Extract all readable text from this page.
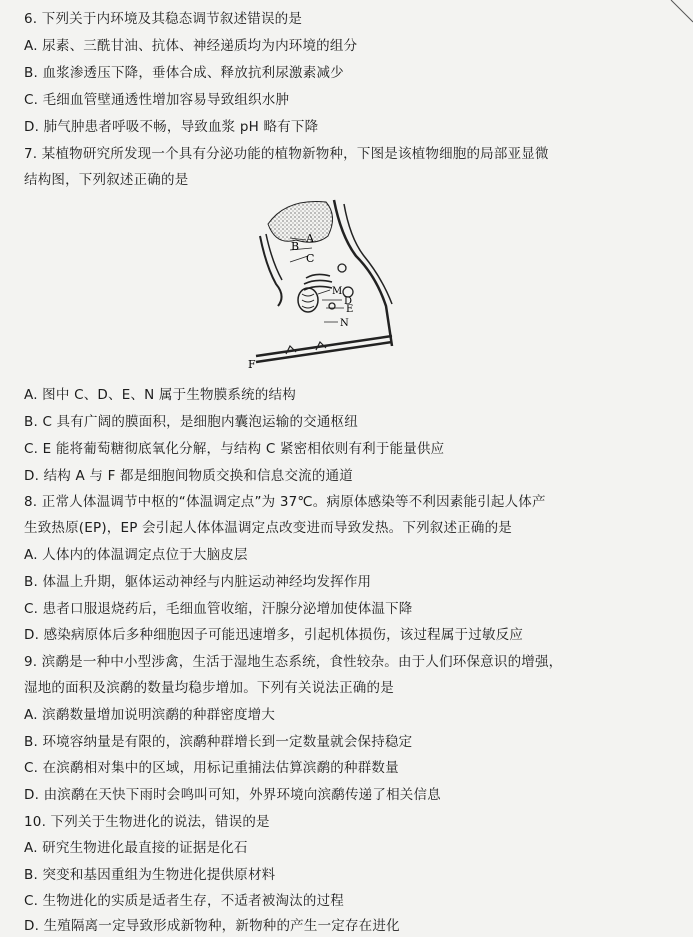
6. 下列关于内环境及其稳态调节叙述错误的是
A. 尿素、三酰甘油、抗体、神经递质均为内环境的组分
B. 血浆渗透压下降，垂体合成、释放抗利尿激素减少
C. 毛细血管壁通透性增加容易导致组织水肿
D. 肺气肿患者呼吸不畅，导致血浆 pH 略有下降
7. 某植物研究所发现一个具有分泌功能的植物新物种，下图是该植物细胞的局部亚显微
结构图，下列叙述正确的是
B
A
C
M
D
E
N
F
A. 图中 C、D、E、N 属于生物膜系统的结构
B. C 具有广阔的膜面积，是细胞内囊泡运输的交通枢纽
C. E 能将葡萄糖彻底氧化分解，与结构 C 紧密相依则有利于能量供应
D. 结构 A 与 F 都是细胞间物质交换和信息交流的通道
8. 正常人体温调节中枢的“体温调定点”为 37℃。病原体感染等不利因素能引起人体产
生致热原(EP)，EP 会引起人体体温调定点改变进而导致发热。下列叙述正确的是
A. 人体内的体温调定点位于大脑皮层
B. 体温上升期，躯体运动神经与内脏运动神经均发挥作用
C. 患者口服退烧药后，毛细血管收缩，汗腺分泌增加使体温下降
D. 感染病原体后多种细胞因子可能迅速增多，引起机体损伤，该过程属于过敏反应
9. 滨鹬是一种中小型涉禽，生活于湿地生态系统，食性较杂。由于人们环保意识的增强，
湿地的面积及滨鹬的数量均稳步增加。下列有关说法正确的是
A. 滨鹬数量增加说明滨鹬的种群密度增大
B. 环境容纳量是有限的，滨鹬种群增长到一定数量就会保持稳定
C. 在滨鹬相对集中的区域，用标记重捕法估算滨鹬的种群数量
D. 由滨鹬在天快下雨时会鸣叫可知，外界环境向滨鹬传递了相关信息
10. 下列关于生物进化的说法，错误的是
A. 研究生物进化最直接的证据是化石
B. 突变和基因重组为生物进化提供原材料
C. 生物进化的实质是适者生存，不适者被淘汰的过程
D. 生殖隔离一定导致形成新物种，新物种的产生一定存在进化
